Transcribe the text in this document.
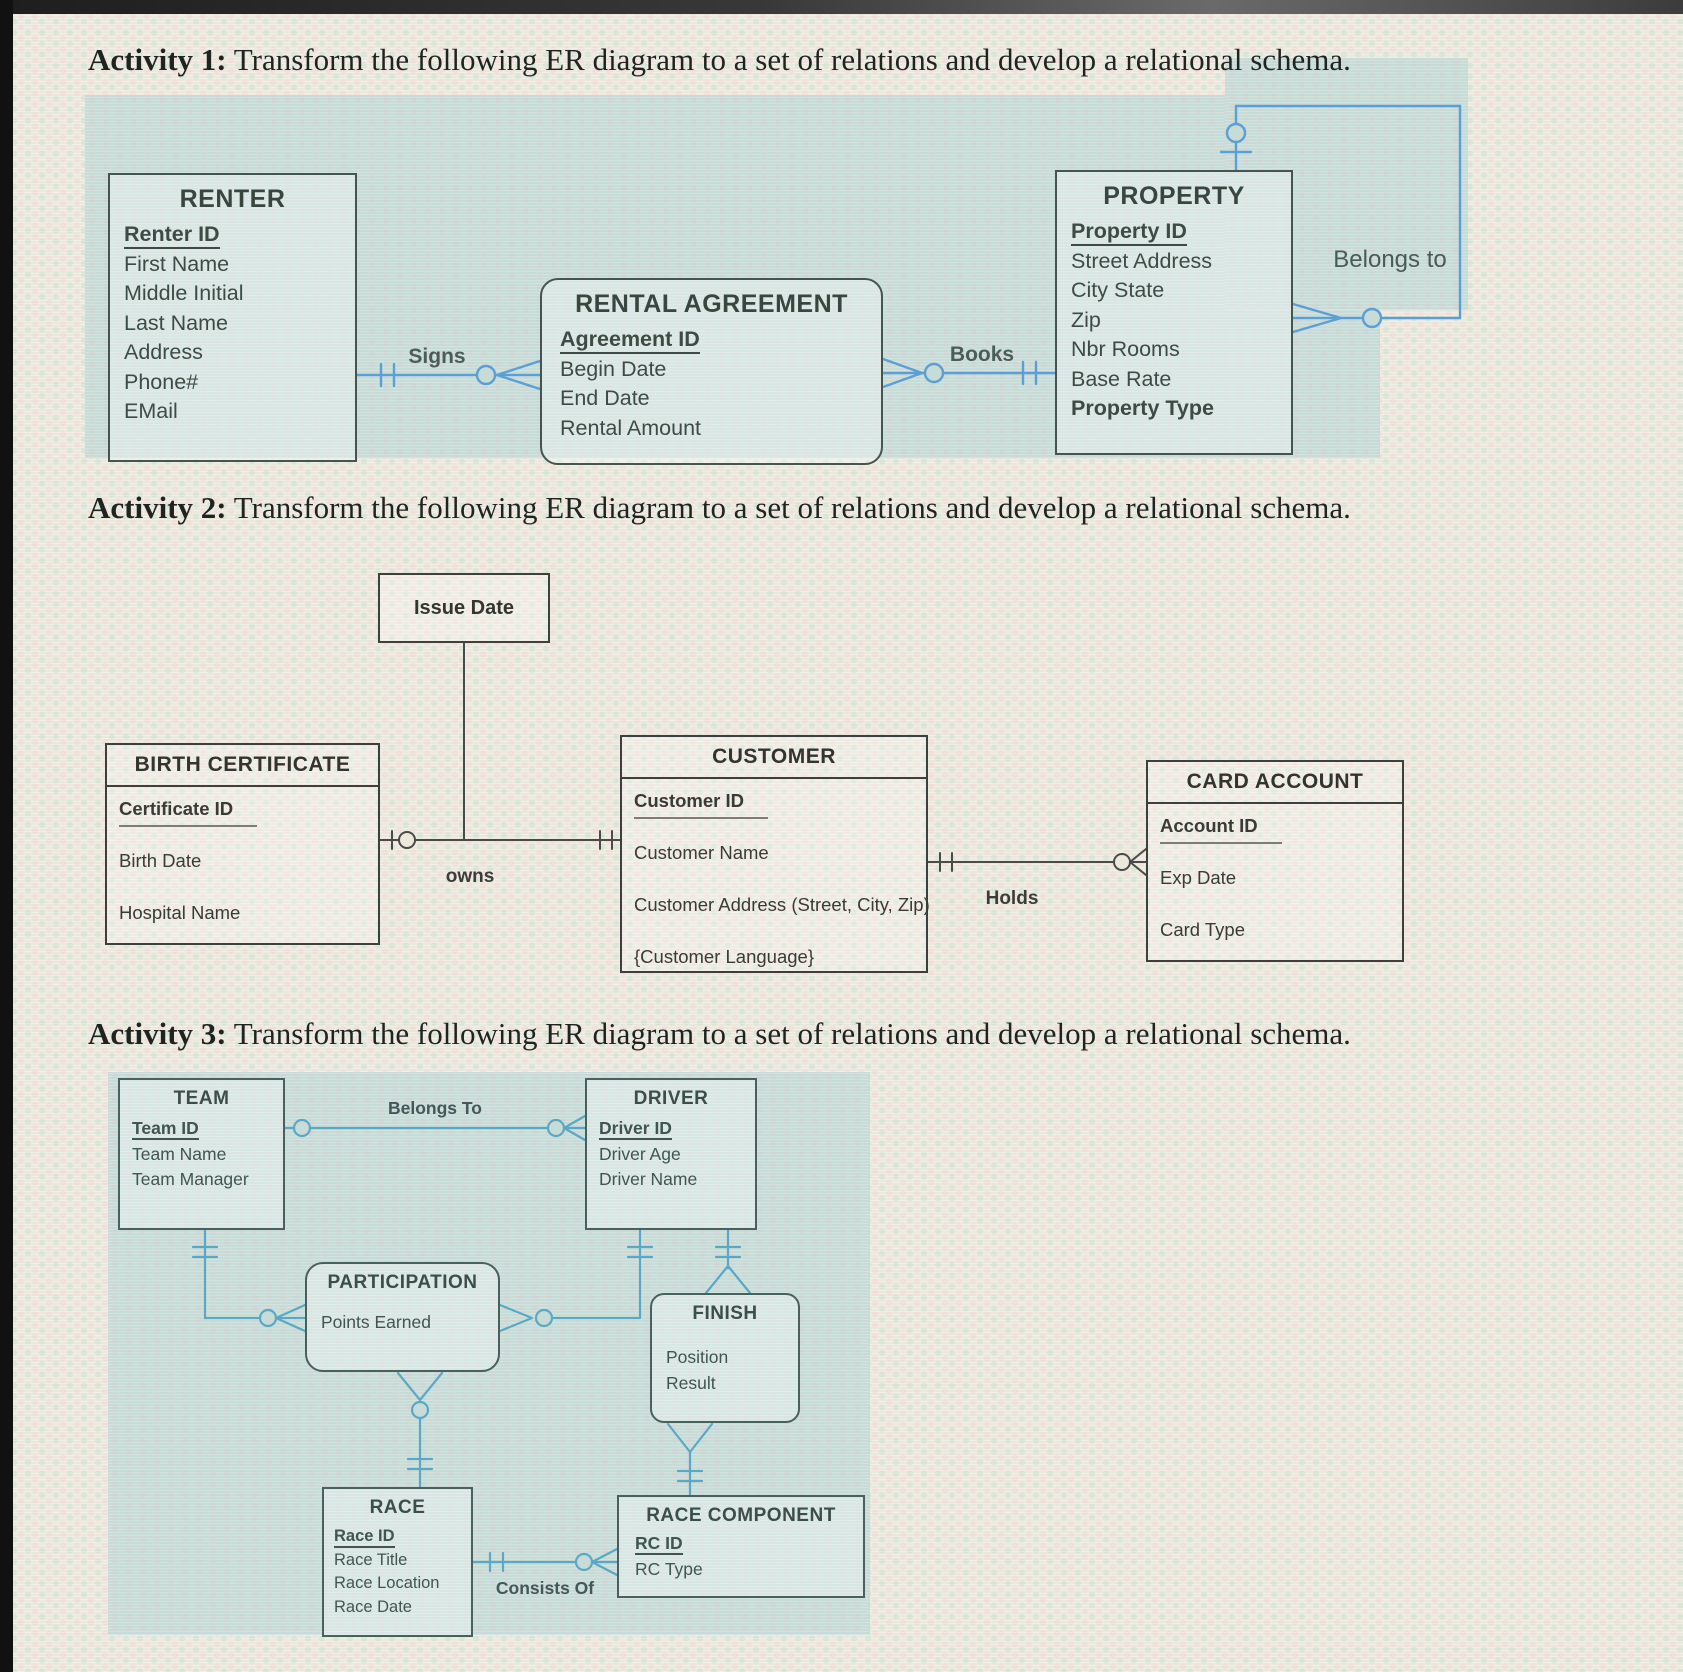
Activity 1: Transform the following ER diagram to a set of relations and develop a relational schema.
Activity 2: Transform the following ER diagram to a set of relations and develop a relational schema.
Activity 3: Transform the following ER diagram to a set of relations and develop a relational schema.
RENTER
Renter ID
First Name
Middle Initial
Last Name
Address
Phone#
EMail
RENTAL AGREEMENT
Agreement ID
Begin Date
End Date
Rental Amount
PROPERTY
Property ID
Street Address
City State
Zip
Nbr Rooms
Base Rate
Property Type
Signs	Books
Belongs to
Issue Date
BIRTH CERTIFICATE
Certificate ID
Birth Date
Hospital Name
CUSTOMER
Customer ID
Customer Name
Customer Address (Street, City, Zip)
{Customer Language}
CARD ACCOUNT
Account ID
Exp Date
Card Type
owns
Holds
TEAM
Team ID
Team Name
Team Manager
DRIVER
Driver ID
Driver Age
Driver Name
PARTICIPATION
Points Earned	FINISH
Position
Result
RACE
Race ID
Race Title
Race Location
Race Date
RACE COMPONENT
RC ID
RC Type
Belongs To
Consists Of
